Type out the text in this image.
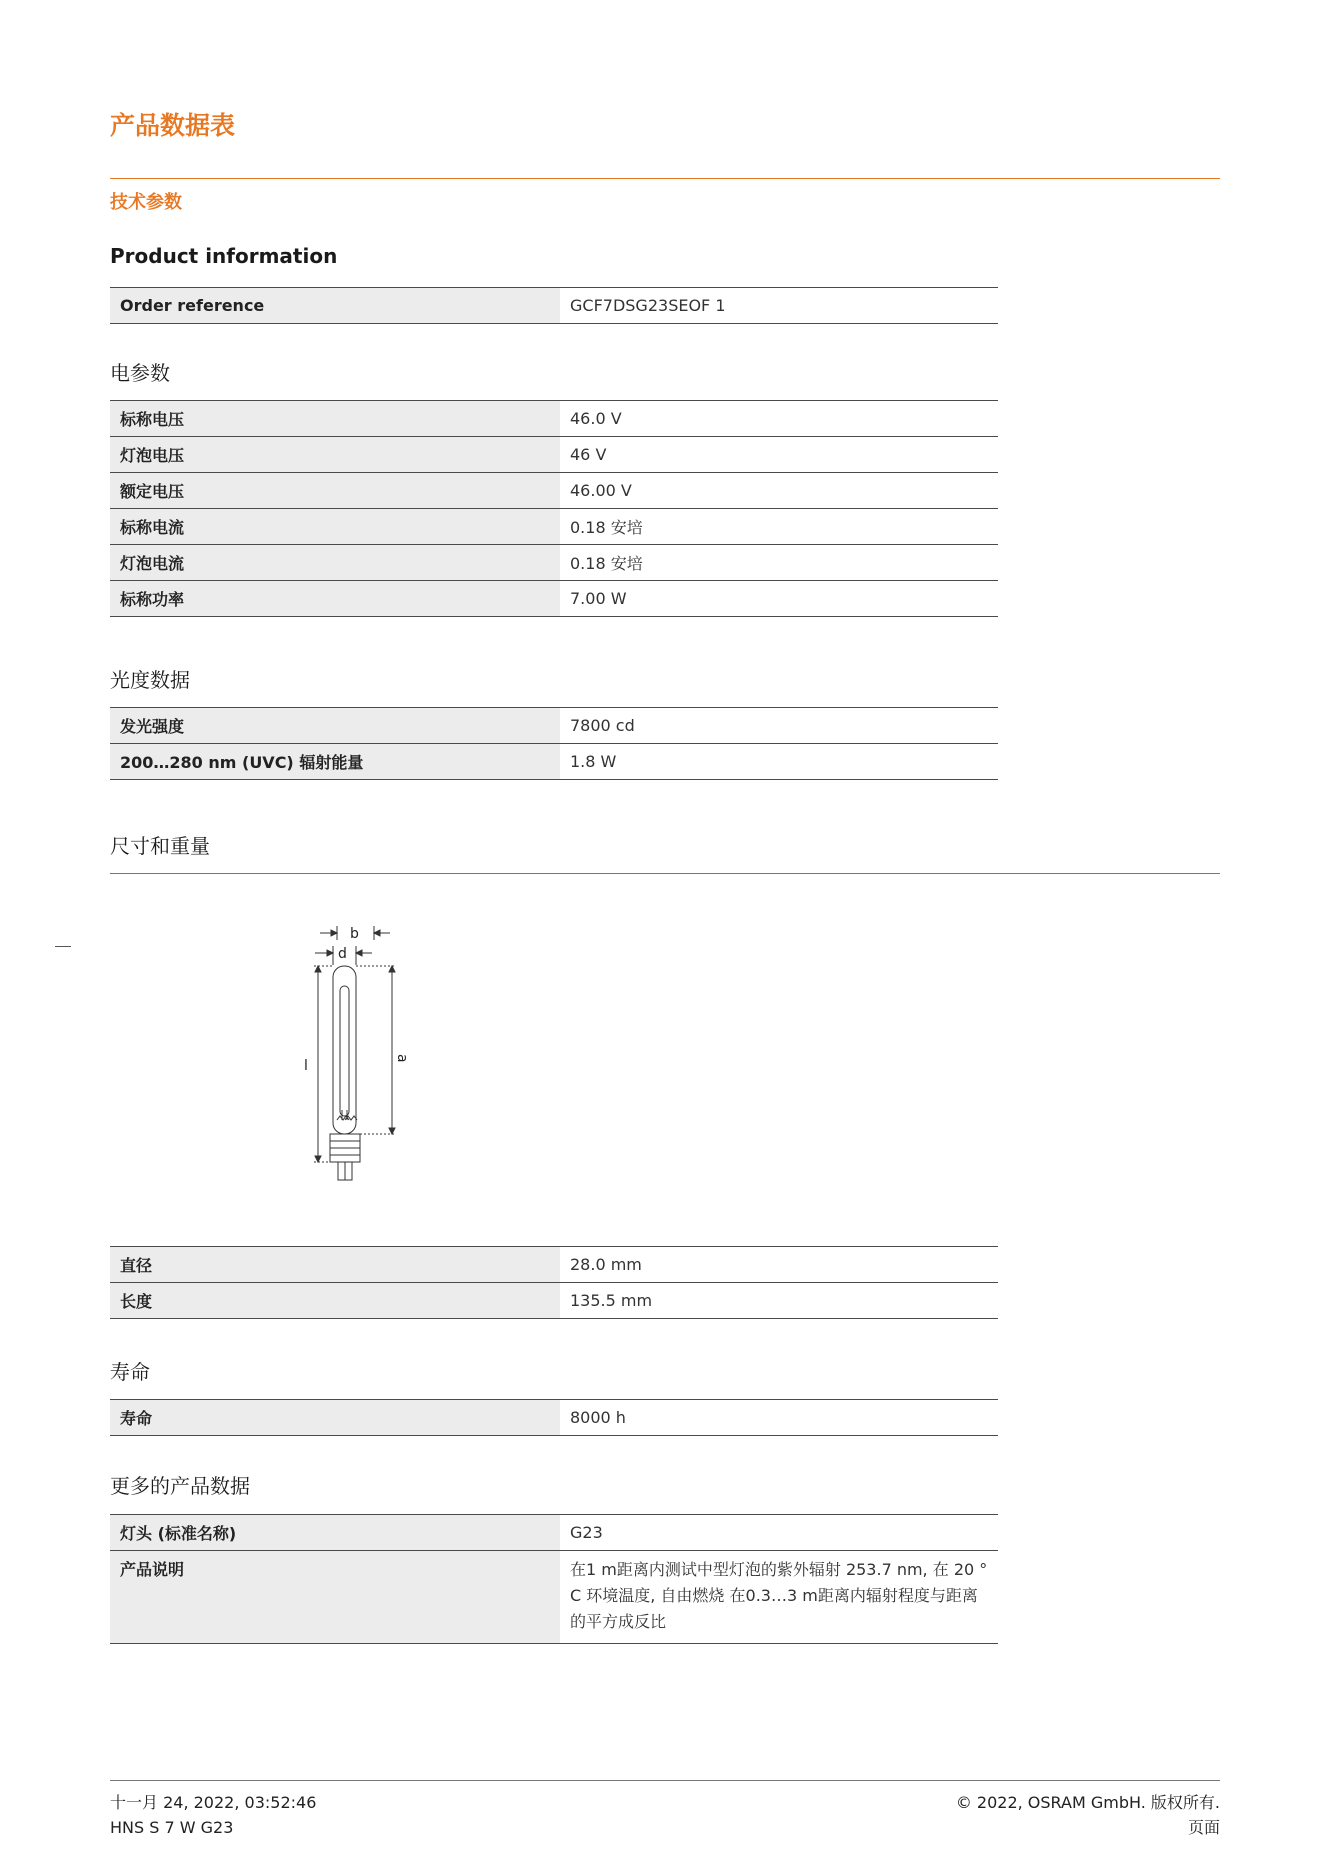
产品数据表
技术参数
Product information
Order reference	GCF7DSG23SEOF 1
电参数
标称电压	46.0 V
灯泡电压	46 V
额定电压	46.00 V
标称电流	0.18 安培
灯泡电流	0.18 安培
标称功率	7.00 W
光度数据
发光强度	7800 cd
200…280 nm (UVC) 辐射能量	1.8 W
尺寸和重量
b
d
l	a
直径	28.0 mm
长度	135.5 mm
寿命
寿命	8000 h
更多的产品数据
灯头 (标准名称)	G23
产品说明	在1 m距离内测试中型灯泡的紫外辐射 253.7 nm, 在 20 ° C 环境温度, 自由燃烧 在0.3…3 m距离内辐射程度与距离的平方成反比
十一月 24, 2022, 03:52:46
HNS S 7 W G23
© 2022, OSRAM GmbH. 版权所有.
页面
